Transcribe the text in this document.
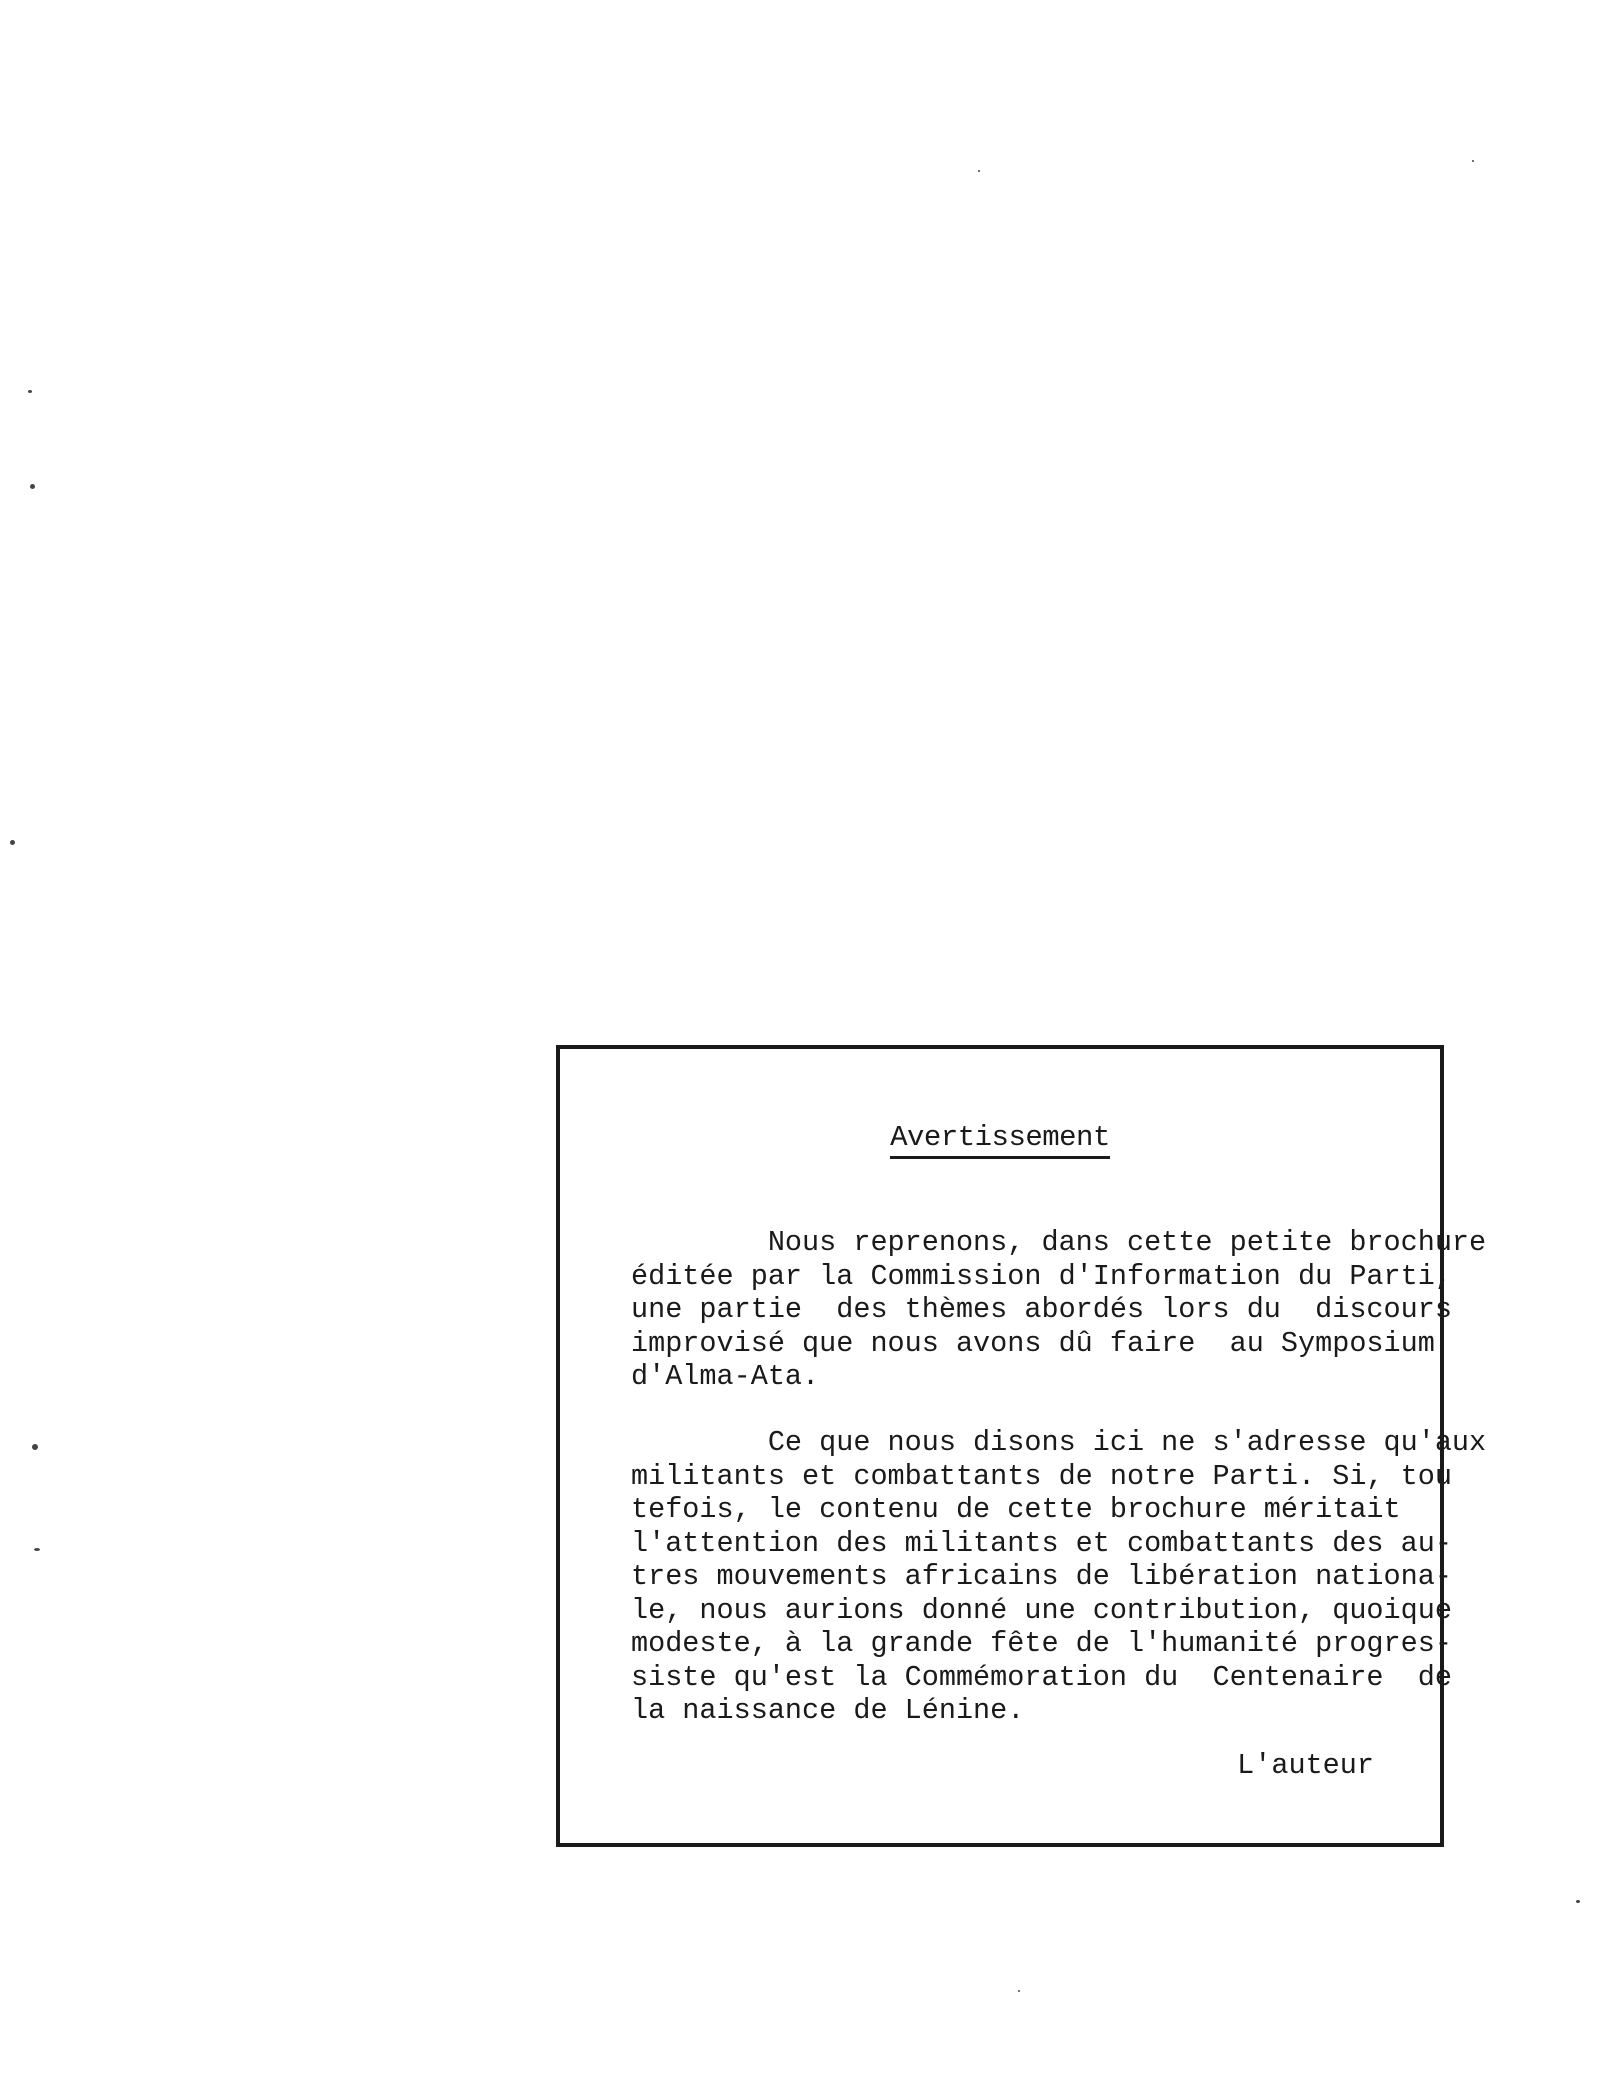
Avertissement
Nous reprenons, dans cette petite brochure
éditée par la Commission d'Information du Parti,
une partie  des thèmes abordés lors du  discours
improvisé que nous avons dû faire  au Symposium
d'Alma-Ata.
Ce que nous disons ici ne s'adresse qu'aux
militants et combattants de notre Parti. Si, tou
tefois, le contenu de cette brochure méritait
l'attention des militants et combattants des au-
tres mouvements africains de libération nationa-
le, nous aurions donné une contribution, quoique
modeste, à la grande fête de l'humanité progres-
siste qu'est la Commémoration du  Centenaire  de
la naissance de Lénine.
L'auteur
